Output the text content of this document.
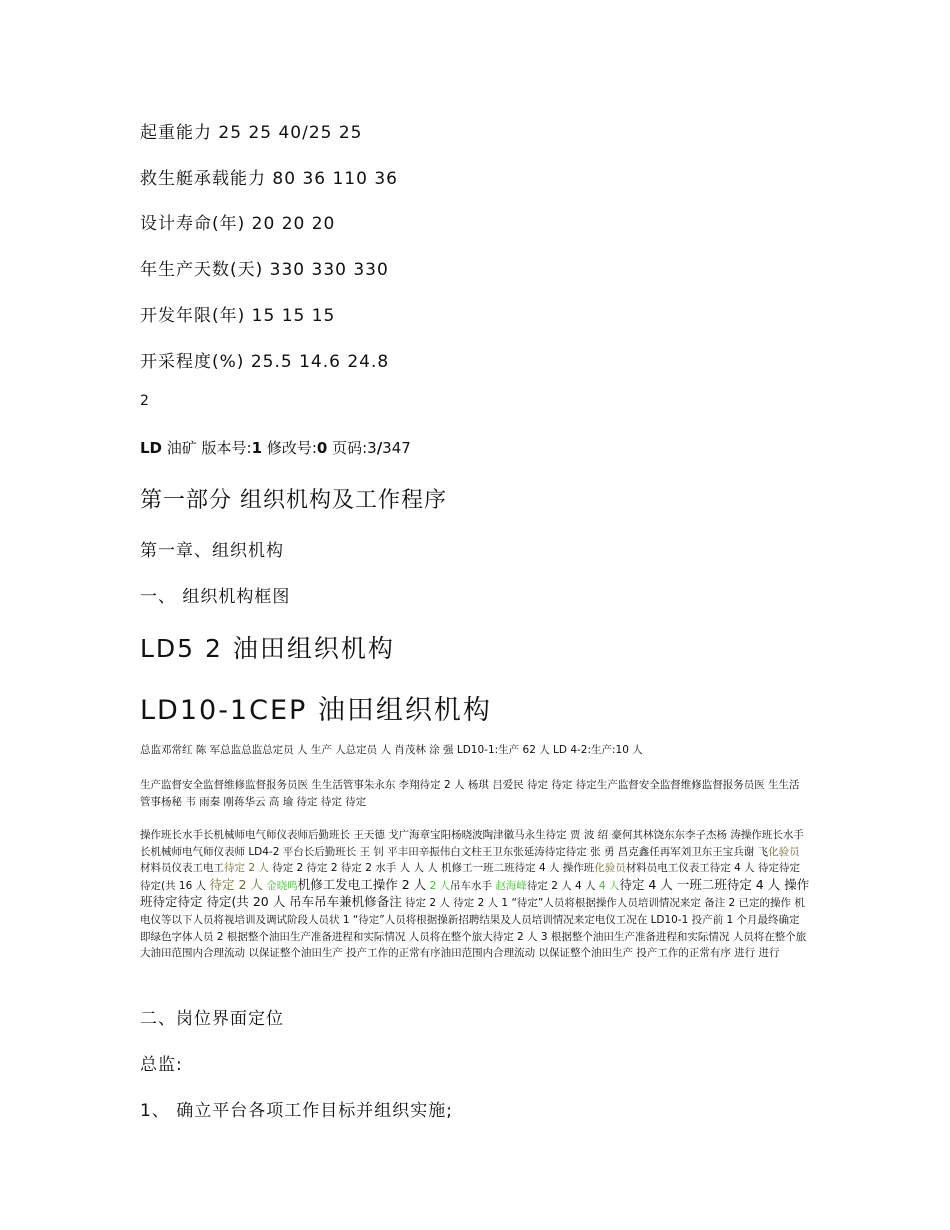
起重能力 25 25 40/25 25
救生艇承载能力 80 36 110 36
设计寿命(年) 20 20 20
年生产天数(天) 330 330 330
开发年限(年) 15 15 15
开采程度(%) 25.5 14.6 24.8
2
LD 油矿 版本号:1 修改号:0 页码:3/347
第一部分 组织机构及工作程序
第一章、组织机构
一、 组织机构框图
LD5 2 油田组织机构
LD10-1CEP 油田组织机构
总监邓常红 陈 军总监总监总定员 人 生产 人总定员 人 肖茂林 涂 强 LD10-1:生产 62 人 LD 4-2:生产:10 人
生产监督安全监督维修监督报务员医 生生活管事朱永东 李翔待定 2 人 杨琪 吕爱民 待定 待定 待定生产监督安全监督维修监督报务员医 生生活管事杨秘 韦 雨秦 刚蒋华云 高 瑜 待定 待定 待定
操作班长水手长机械师电气师仪表师后勤班长 王天德 戈广海章宝阳杨晓波陶津徽马永生待定 贾 波 绍 豪何其林饶东东李子杰杨 涛操作班长水手长机械师电气师仪表师 LD4-2 平台长后勤班长 王 钊 平丰田辛振伟白文柱王卫东张延涛待定待定 张 勇 昌克鑫任再军刘卫东王宝兵谢 飞化验员材料员仪表工电工待定 2 人 待定 2 待定 2 待定 2 水手 人 人 人 机修工一班二班待定 4 人 操作班化验员材料员电工仪表工待定 4 人 待定待定 待定(共 16 人 待定 2 人 金晓鸣机修工发电工操作 2 人 2 人吊车水手 赵海峰待定 2 人 4 人 4 人待定 4 人 一班二班待定 4 人 操作班待定待定 待定(共 20 人 吊车吊车兼机修备注 待定 2 人 待定 2 人 1 “待定”人员将根据操作人员培训情况来定 备注 2 已定的操作 机电仪等以下人员将视培训及调试阶段人员状 1 “待定”人员将根据操新招聘结果及人员培训情况来定电仪工况在 LD10-1 投产前 1 个月最终确定 即绿色字体人员 2 根据整个油田生产准备进程和实际情况 人员将在整个旅大待定 2 人 3 根据整个油田生产准备进程和实际情况 人员将在整个旅大油田范围内合理流动 以保证整个油田生产 投产工作的正常有序油田范围内合理流动 以保证整个油田生产 投产工作的正常有序 进行 进行
二、岗位界面定位
总监:
1、 确立平台各项工作目标并组织实施;
